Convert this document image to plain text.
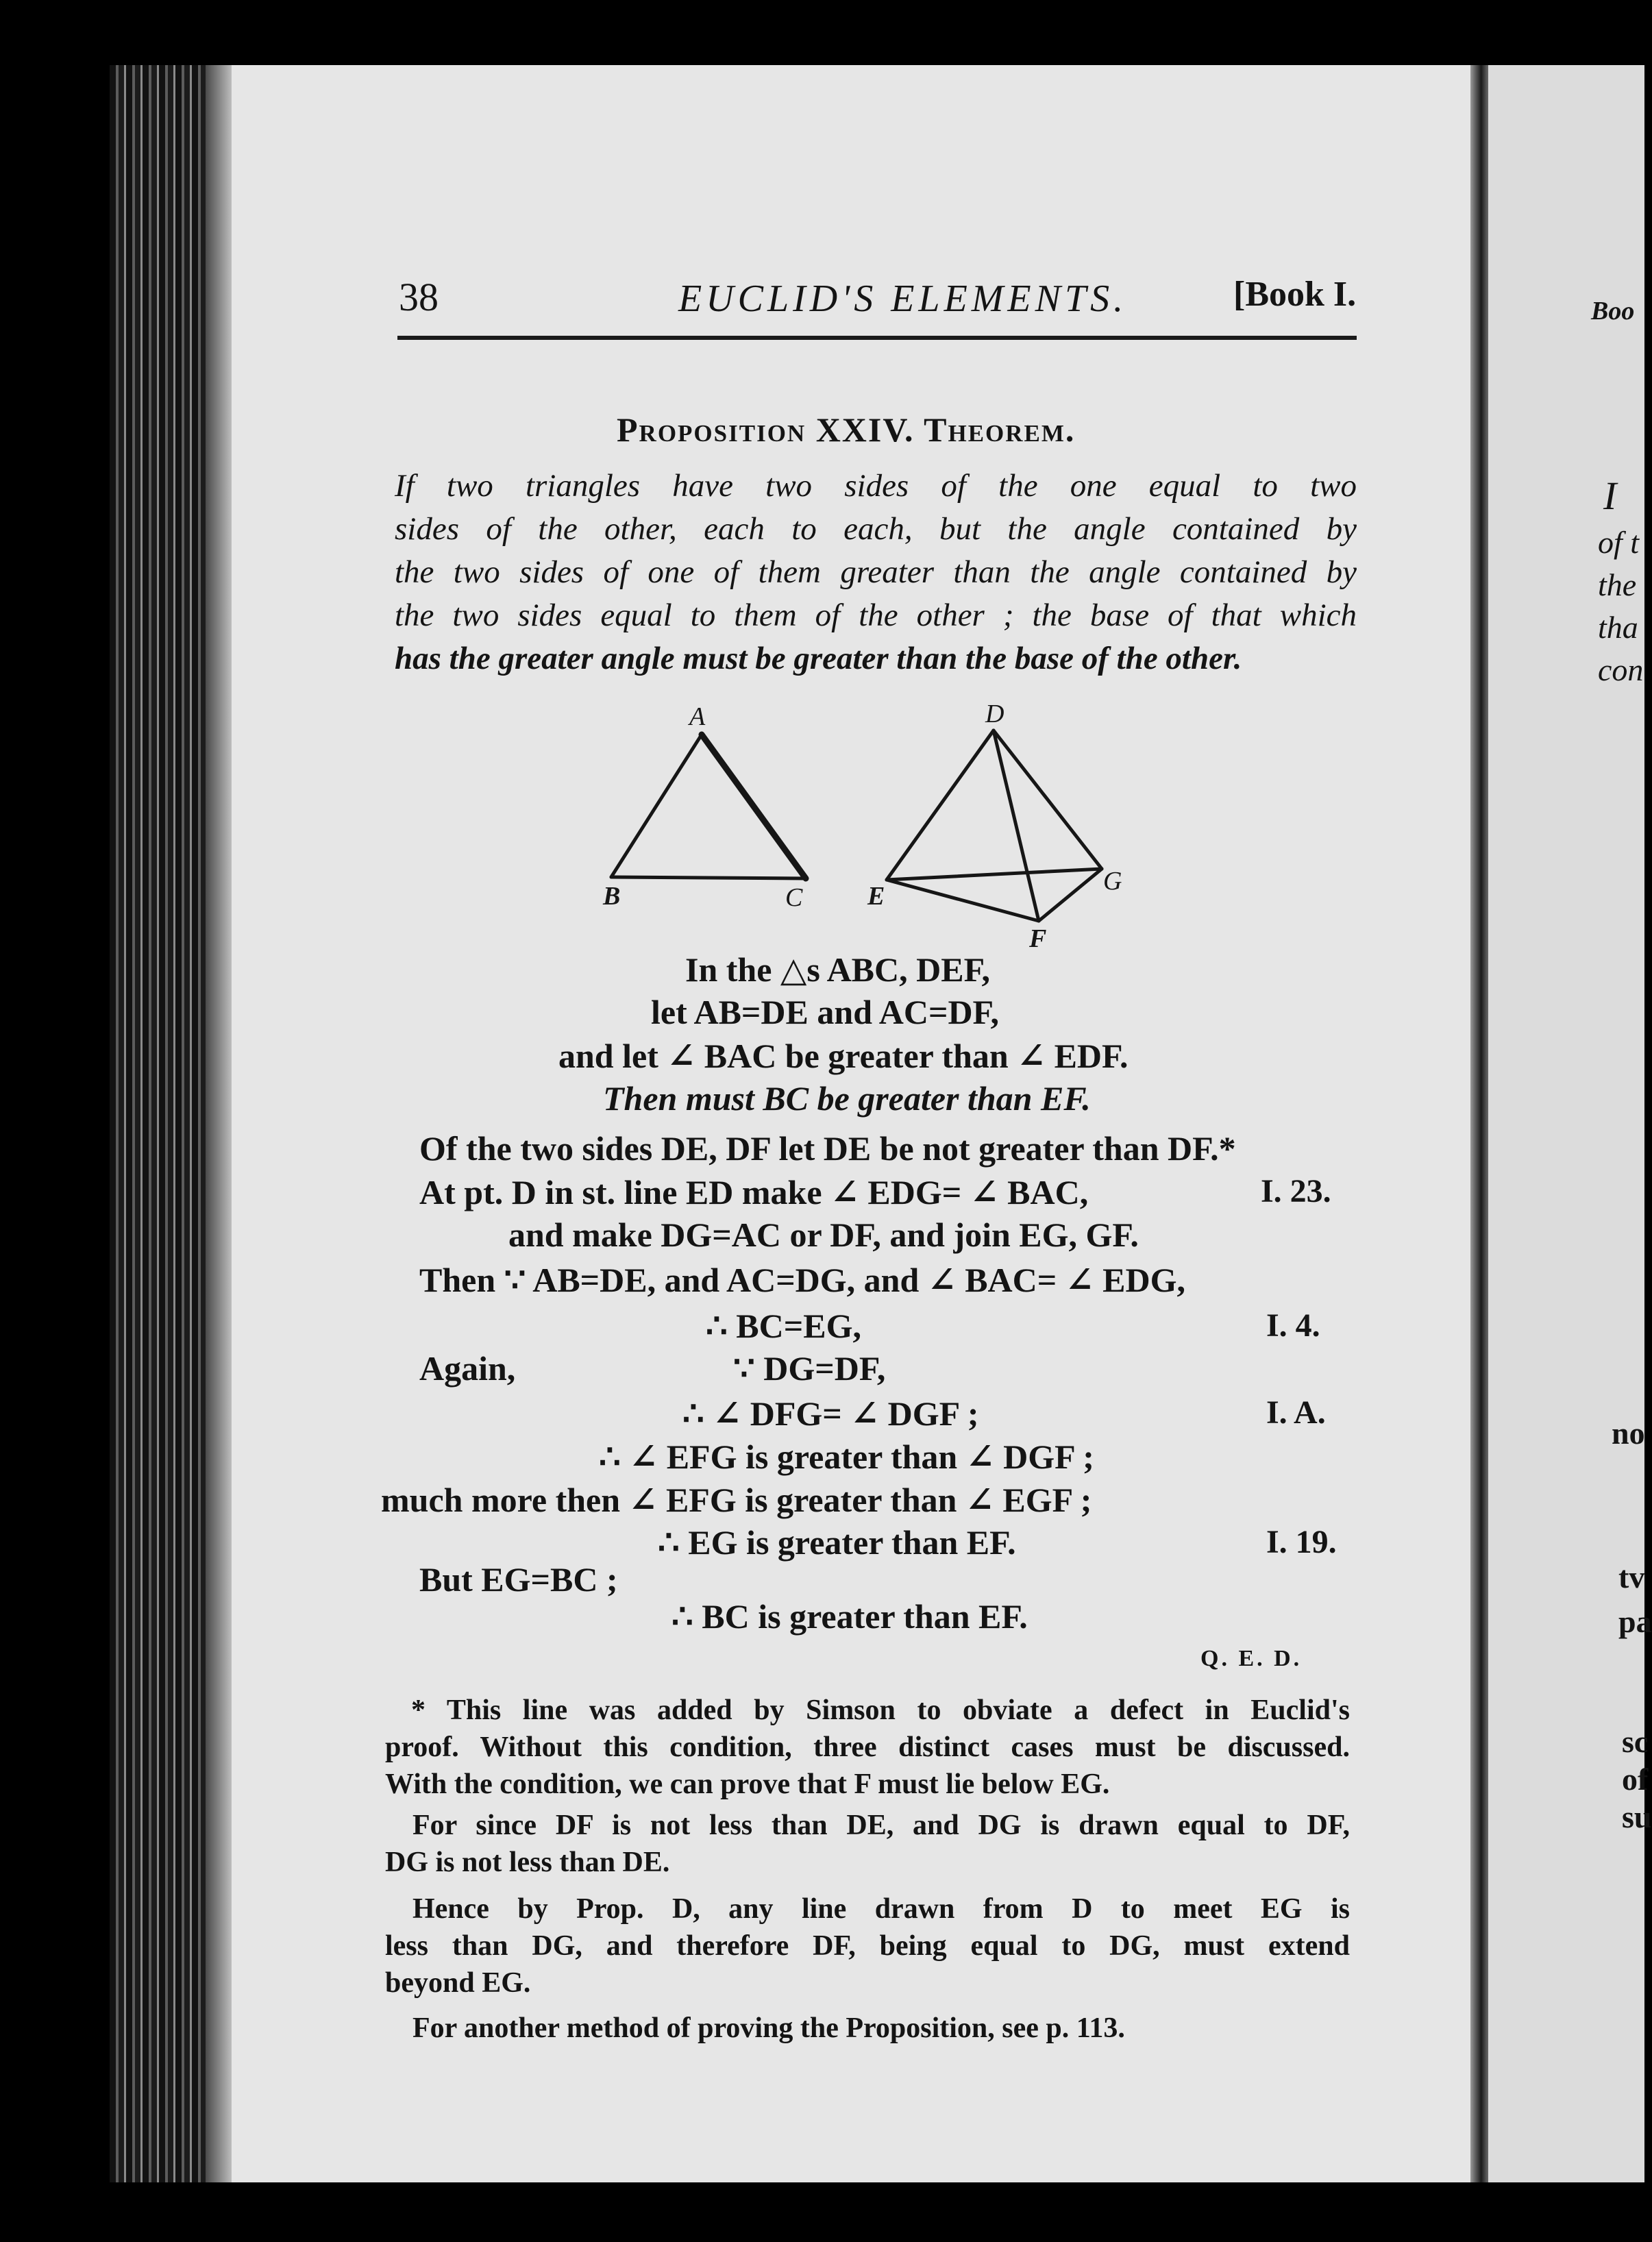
Boo
I
of t
the
tha
con
no
tv
pa
sc
of
su
38	EUCLID'S ELEMENTS.	[Book I.
Proposition XXIV. Theorem.
If two triangles have two sides of the one equal to two
sides of the other, each to each, but the angle contained by
the two sides of one of them greater than the angle contained by
the two sides equal to them of the other ; the base of that which
has the greater angle must be greater than the base of the other.
A
B	C
D
E
G
F
In the △s ABC, DEF,
let AB=DE and AC=DF,
and let ∠ BAC be greater than ∠ EDF.
Then must BC be greater than EF.
Of the two sides DE, DF let DE be not greater than DF.*
At pt. D in st. line ED make ∠ EDG= ∠ BAC,	I. 23.
and make DG=AC or DF, and join EG, GF.
Then ∵ AB=DE, and AC=DG, and ∠ BAC= ∠ EDG,
∴ BC=EG,	I. 4.
Again,	∵ DG=DF,
∴ ∠ DFG= ∠ DGF ;	I. A.
∴ ∠ EFG is greater than ∠ DGF ;
much more then ∠ EFG is greater than ∠ EGF ;
∴ EG is greater than EF.	I. 19.
But EG=BC ;
∴ BC is greater than EF.
Q. E. D.
* This line was added by Simson to obviate a defect in Euclid's
proof. Without this condition, three distinct cases must be discussed.
With the condition, we can prove that F must lie below EG.
For since DF is not less than DE, and DG is drawn equal to DF,
DG is not less than DE.
Hence by Prop. D, any line drawn from D to meet EG is
less than DG, and therefore DF, being equal to DG, must extend
beyond EG.
For another method of proving the Proposition, see p. 113.
